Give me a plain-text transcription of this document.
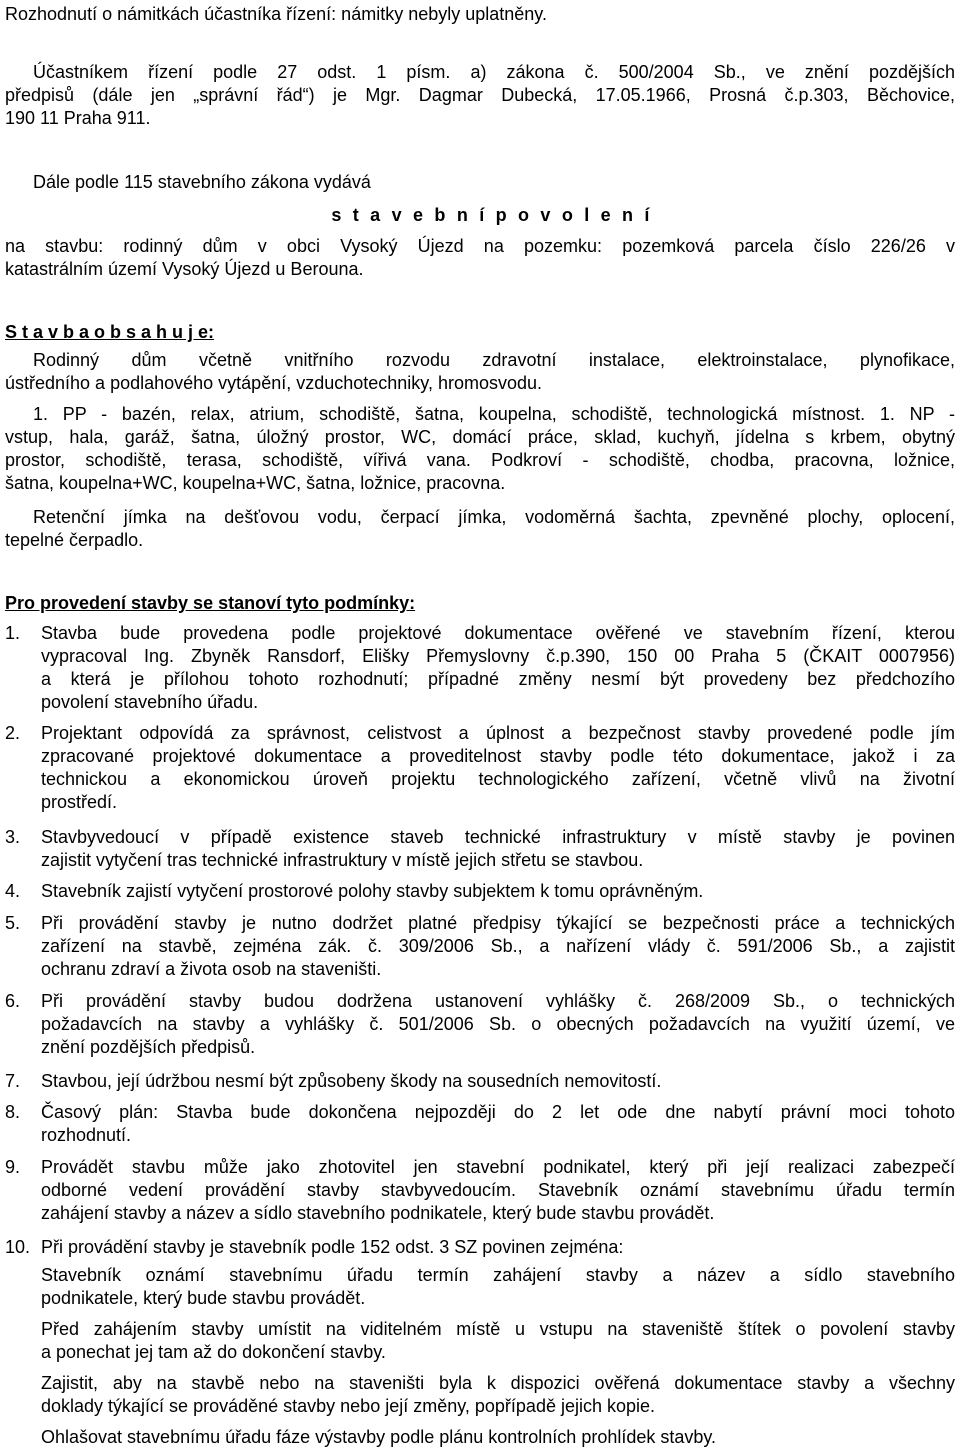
Rozhodnutí o námitkách účastníka řízení: námitky nebyly uplatněny.
Účastníkem řízení podle 27 odst. 1 písm. a) zákona č. 500/2004 Sb., ve znění pozdějších
předpisů (dále jen „správní řád“) je Mgr. Dagmar Dubecká, 17.05.1966, Prosná č.p.303, Běchovice,
190 11 Praha 911.
Dále podle 115 stavebního zákona vydává
s t a v e b n í p o v o l e n í
na stavbu: rodinný dům v obci Vysoký Újezd na pozemku: pozemková parcela číslo 226/26 v
katastrálním území Vysoký Újezd u Berouna.
S t a v b a o b s a h u j e:
Rodinný dům včetně vnitřního rozvodu zdravotní instalace, elektroinstalace, plynofikace,
ústředního a podlahového vytápění, vzduchotechniky, hromosvodu.
1. PP - bazén, relax, atrium, schodiště, šatna, koupelna, schodiště, technologická místnost. 1. NP -
vstup, hala, garáž, šatna, úložný prostor, WC, domácí práce, sklad, kuchyň, jídelna s krbem, obytný
prostor, schodiště, terasa, schodiště, vířivá vana. Podkroví - schodiště, chodba, pracovna, ložnice,
šatna, koupelna+WC, koupelna+WC, šatna, ložnice, pracovna.
Retenční jímka na dešťovou vodu, čerpací jímka, vodoměrná šachta, zpevněné plochy, oplocení,
tepelné čerpadlo.
Pro provedení stavby se stanoví tyto podmínky:
1. Stavba bude provedena podle projektové dokumentace ověřené ve stavebním řízení, kterou
vypracoval Ing. Zbyněk Ransdorf, Elišky Přemyslovny č.p.390, 150 00 Praha 5 (ČKAIT 0007956)
a která je přílohou tohoto rozhodnutí; případné změny nesmí být provedeny bez předchozího
povolení stavebního úřadu.
2. Projektant odpovídá za správnost, celistvost a úplnost a bezpečnost stavby provedené podle jím
zpracované projektové dokumentace a proveditelnost stavby podle této dokumentace, jakož i za
technickou a ekonomickou úroveň projektu technologického zařízení, včetně vlivů na životní
prostředí.
3. Stavbyvedoucí v případě existence staveb technické infrastruktury v místě stavby je povinen
zajistit vytyčení tras technické infrastruktury v místě jejich střetu se stavbou.
4. Stavebník zajistí vytyčení prostorové polohy stavby subjektem k tomu oprávněným.
5. Při provádění stavby je nutno dodržet platné předpisy týkající se bezpečnosti práce a technických
zařízení na stavbě, zejména zák. č. 309/2006 Sb., a nařízení vlády č. 591/2006 Sb., a zajistit
ochranu zdraví a života osob na staveništi.
6. Při provádění stavby budou dodržena ustanovení vyhlášky č. 268/2009 Sb., o technických
požadavcích na stavby a vyhlášky č. 501/2006 Sb. o obecných požadavcích na využití území, ve
znění pozdějších předpisů.
7. Stavbou, její údržbou nesmí být způsobeny škody na sousedních nemovitostí.
8. Časový plán: Stavba bude dokončena nejpozději do 2 let ode dne nabytí právní moci tohoto
rozhodnutí.
9. Provádět stavbu může jako zhotovitel jen stavební podnikatel, který při její realizaci zabezpečí
odborné vedení provádění stavby stavbyvedoucím. Stavebník oznámí stavebnímu úřadu termín
zahájení stavby a název a sídlo stavebního podnikatele, který bude stavbu provádět.
10. Při provádění stavby je stavebník podle 152 odst. 3 SZ povinen zejména:
Stavebník oznámí stavebnímu úřadu termín zahájení stavby a název a sídlo stavebního
podnikatele, který bude stavbu provádět.
Před zahájením stavby umístit na viditelném místě u vstupu na staveniště štítek o povolení stavby
a ponechat jej tam až do dokončení stavby.
Zajistit, aby na stavbě nebo na staveništi byla k dispozici ověřená dokumentace stavby a všechny
doklady týkající se prováděné stavby nebo její změny, popřípadě jejich kopie.
Ohlašovat stavebnímu úřadu fáze výstavby podle plánu kontrolních prohlídek stavby.
